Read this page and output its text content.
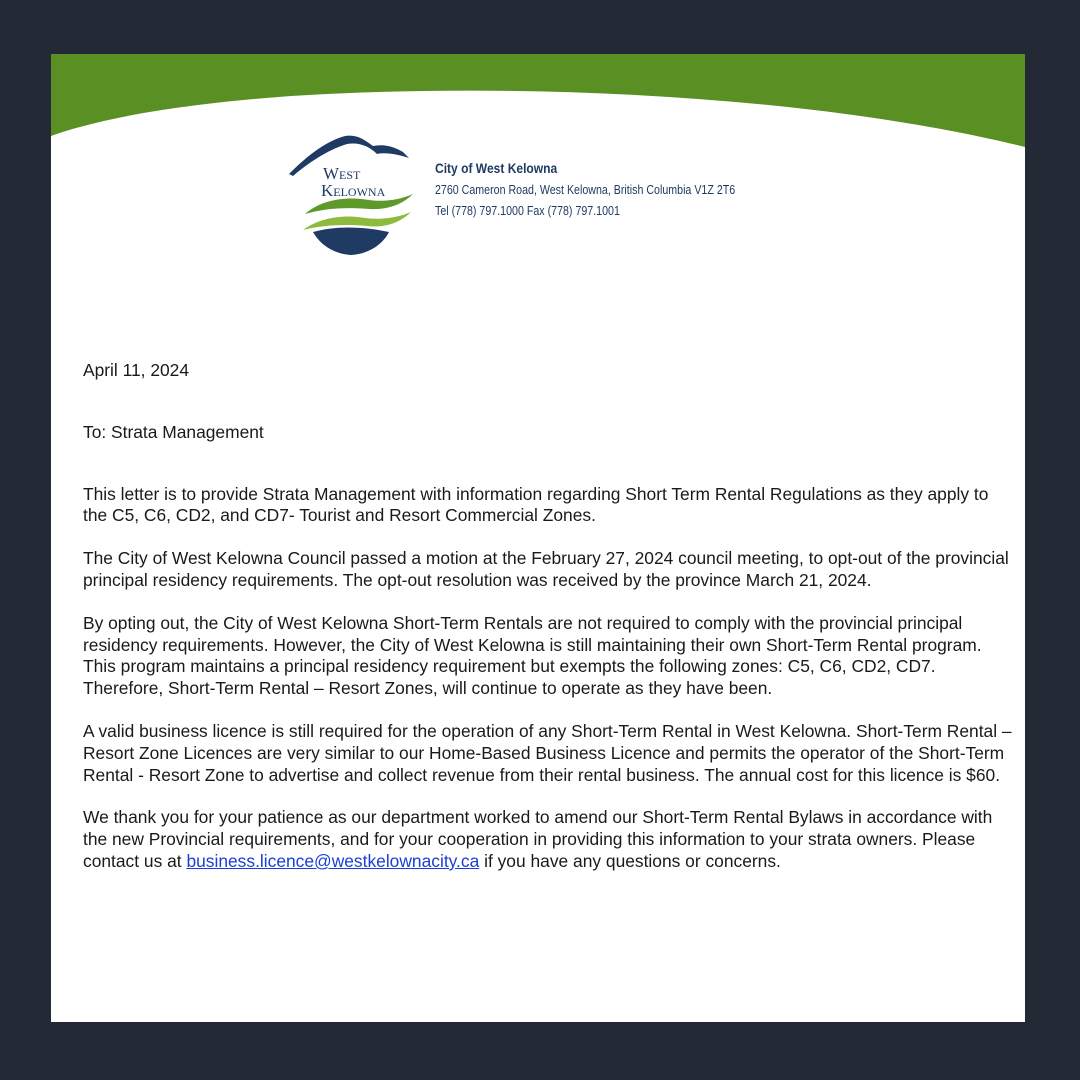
West
Kelowna
City of West Kelowna
2760 Cameron Road, West Kelowna, British Columbia V1Z 2T6
Tel (778) 797.1000 Fax (778) 797.1001

April 11, 2024

To: Strata Management

This letter is to provide Strata Management with information regarding Short Term Rental Regulations as they apply to the C5, C6, CD2, and CD7- Tourist and Resort Commercial Zones.

The City of West Kelowna Council passed a motion at the February 27, 2024 council meeting, to opt-out of the provincial principal residency requirements. The opt-out resolution was received by the province March 21, 2024.

By opting out, the City of West Kelowna Short-Term Rentals are not required to comply with the provincial principal residency requirements. However, the City of West Kelowna is still maintaining their own Short-Term Rental program. This program maintains a principal residency requirement but exempts the following zones: C5, C6, CD2, CD7. Therefore, Short-Term Rental – Resort Zones, will continue to operate as they have been.

A valid business licence is still required for the operation of any Short-Term Rental in West Kelowna. Short-Term Rental – Resort Zone Licences are very similar to our Home-Based Business Licence and permits the operator of the Short-Term Rental - Resort Zone to advertise and collect revenue from their rental business. The annual cost for this licence is $60.

We thank you for your patience as our department worked to amend our Short-Term Rental Bylaws in accordance with the new Provincial requirements, and for your cooperation in providing this information to your strata owners. Please contact us at business.licence@westkelownacity.ca if you have any questions or concerns.
